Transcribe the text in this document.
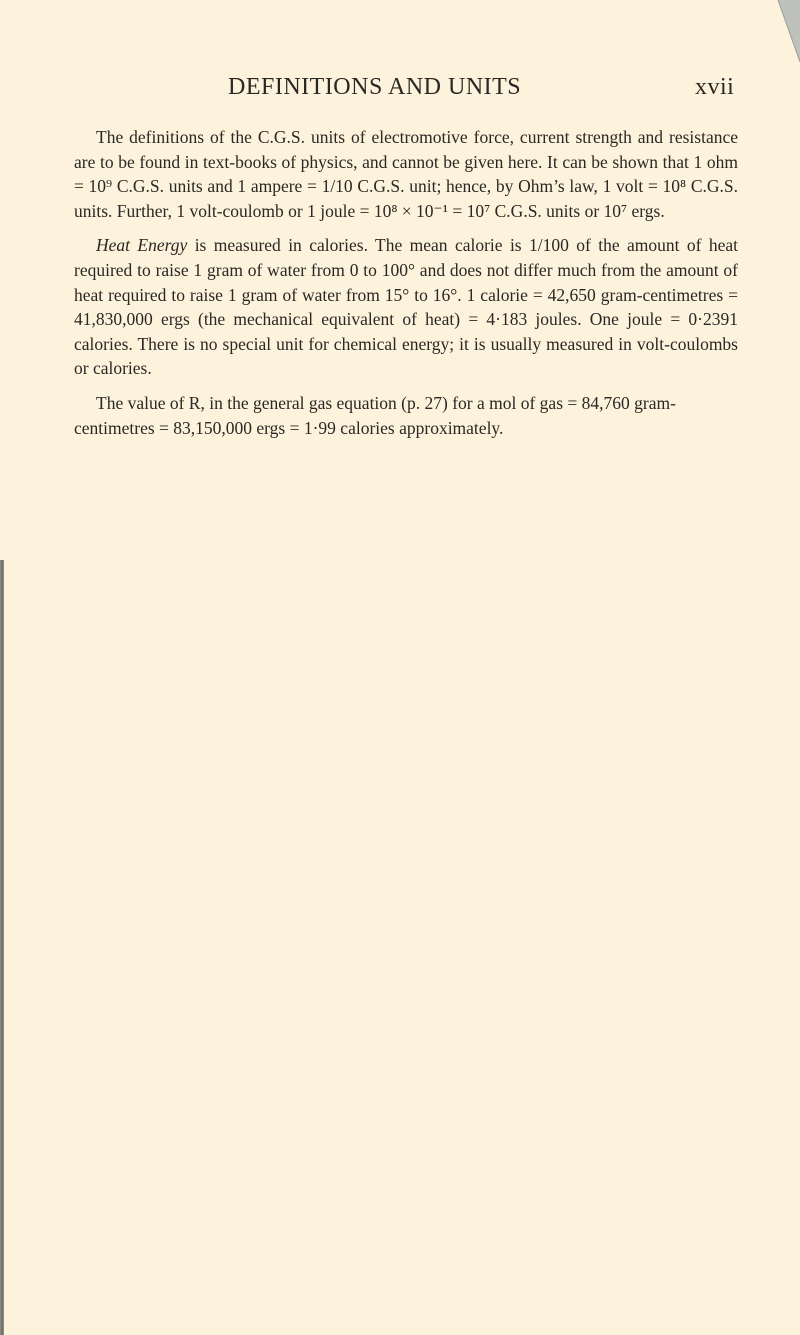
DEFINITIONS AND UNITS	xvii

The definitions of the C.G.S. units of electromotive force, current strength and resistance are to be found in text-books of physics, and cannot be given here. It can be shown that 1 ohm = 10⁹ C.G.S. units and 1 ampere = 1/10 C.G.S. unit; hence, by Ohm’s law, 1 volt = 10⁸ C.G.S. units. Further, 1 volt-coulomb or 1 joule = 10⁸ × 10⁻¹ = 10⁷ C.G.S. units or 10⁷ ergs.

Heat Energy is measured in calories. The mean calorie is 1/100 of the amount of heat required to raise 1 gram of water from 0 to 100° and does not differ much from the amount of heat required to raise 1 gram of water from 15° to 16°. 1 calorie = 42,650 gram-centimetres = 41,830,000 ergs (the mechanical equivalent of heat) = 4·183 joules. One joule = 0·2391 calories. There is no special unit for chemical energy; it is usually measured in volt-coulombs or calories.

The value of R, in the general gas equation (p. 27) for a mol of gas = 84,760 gram-centimetres = 83,150,000 ergs = 1·99 calories approximately.
